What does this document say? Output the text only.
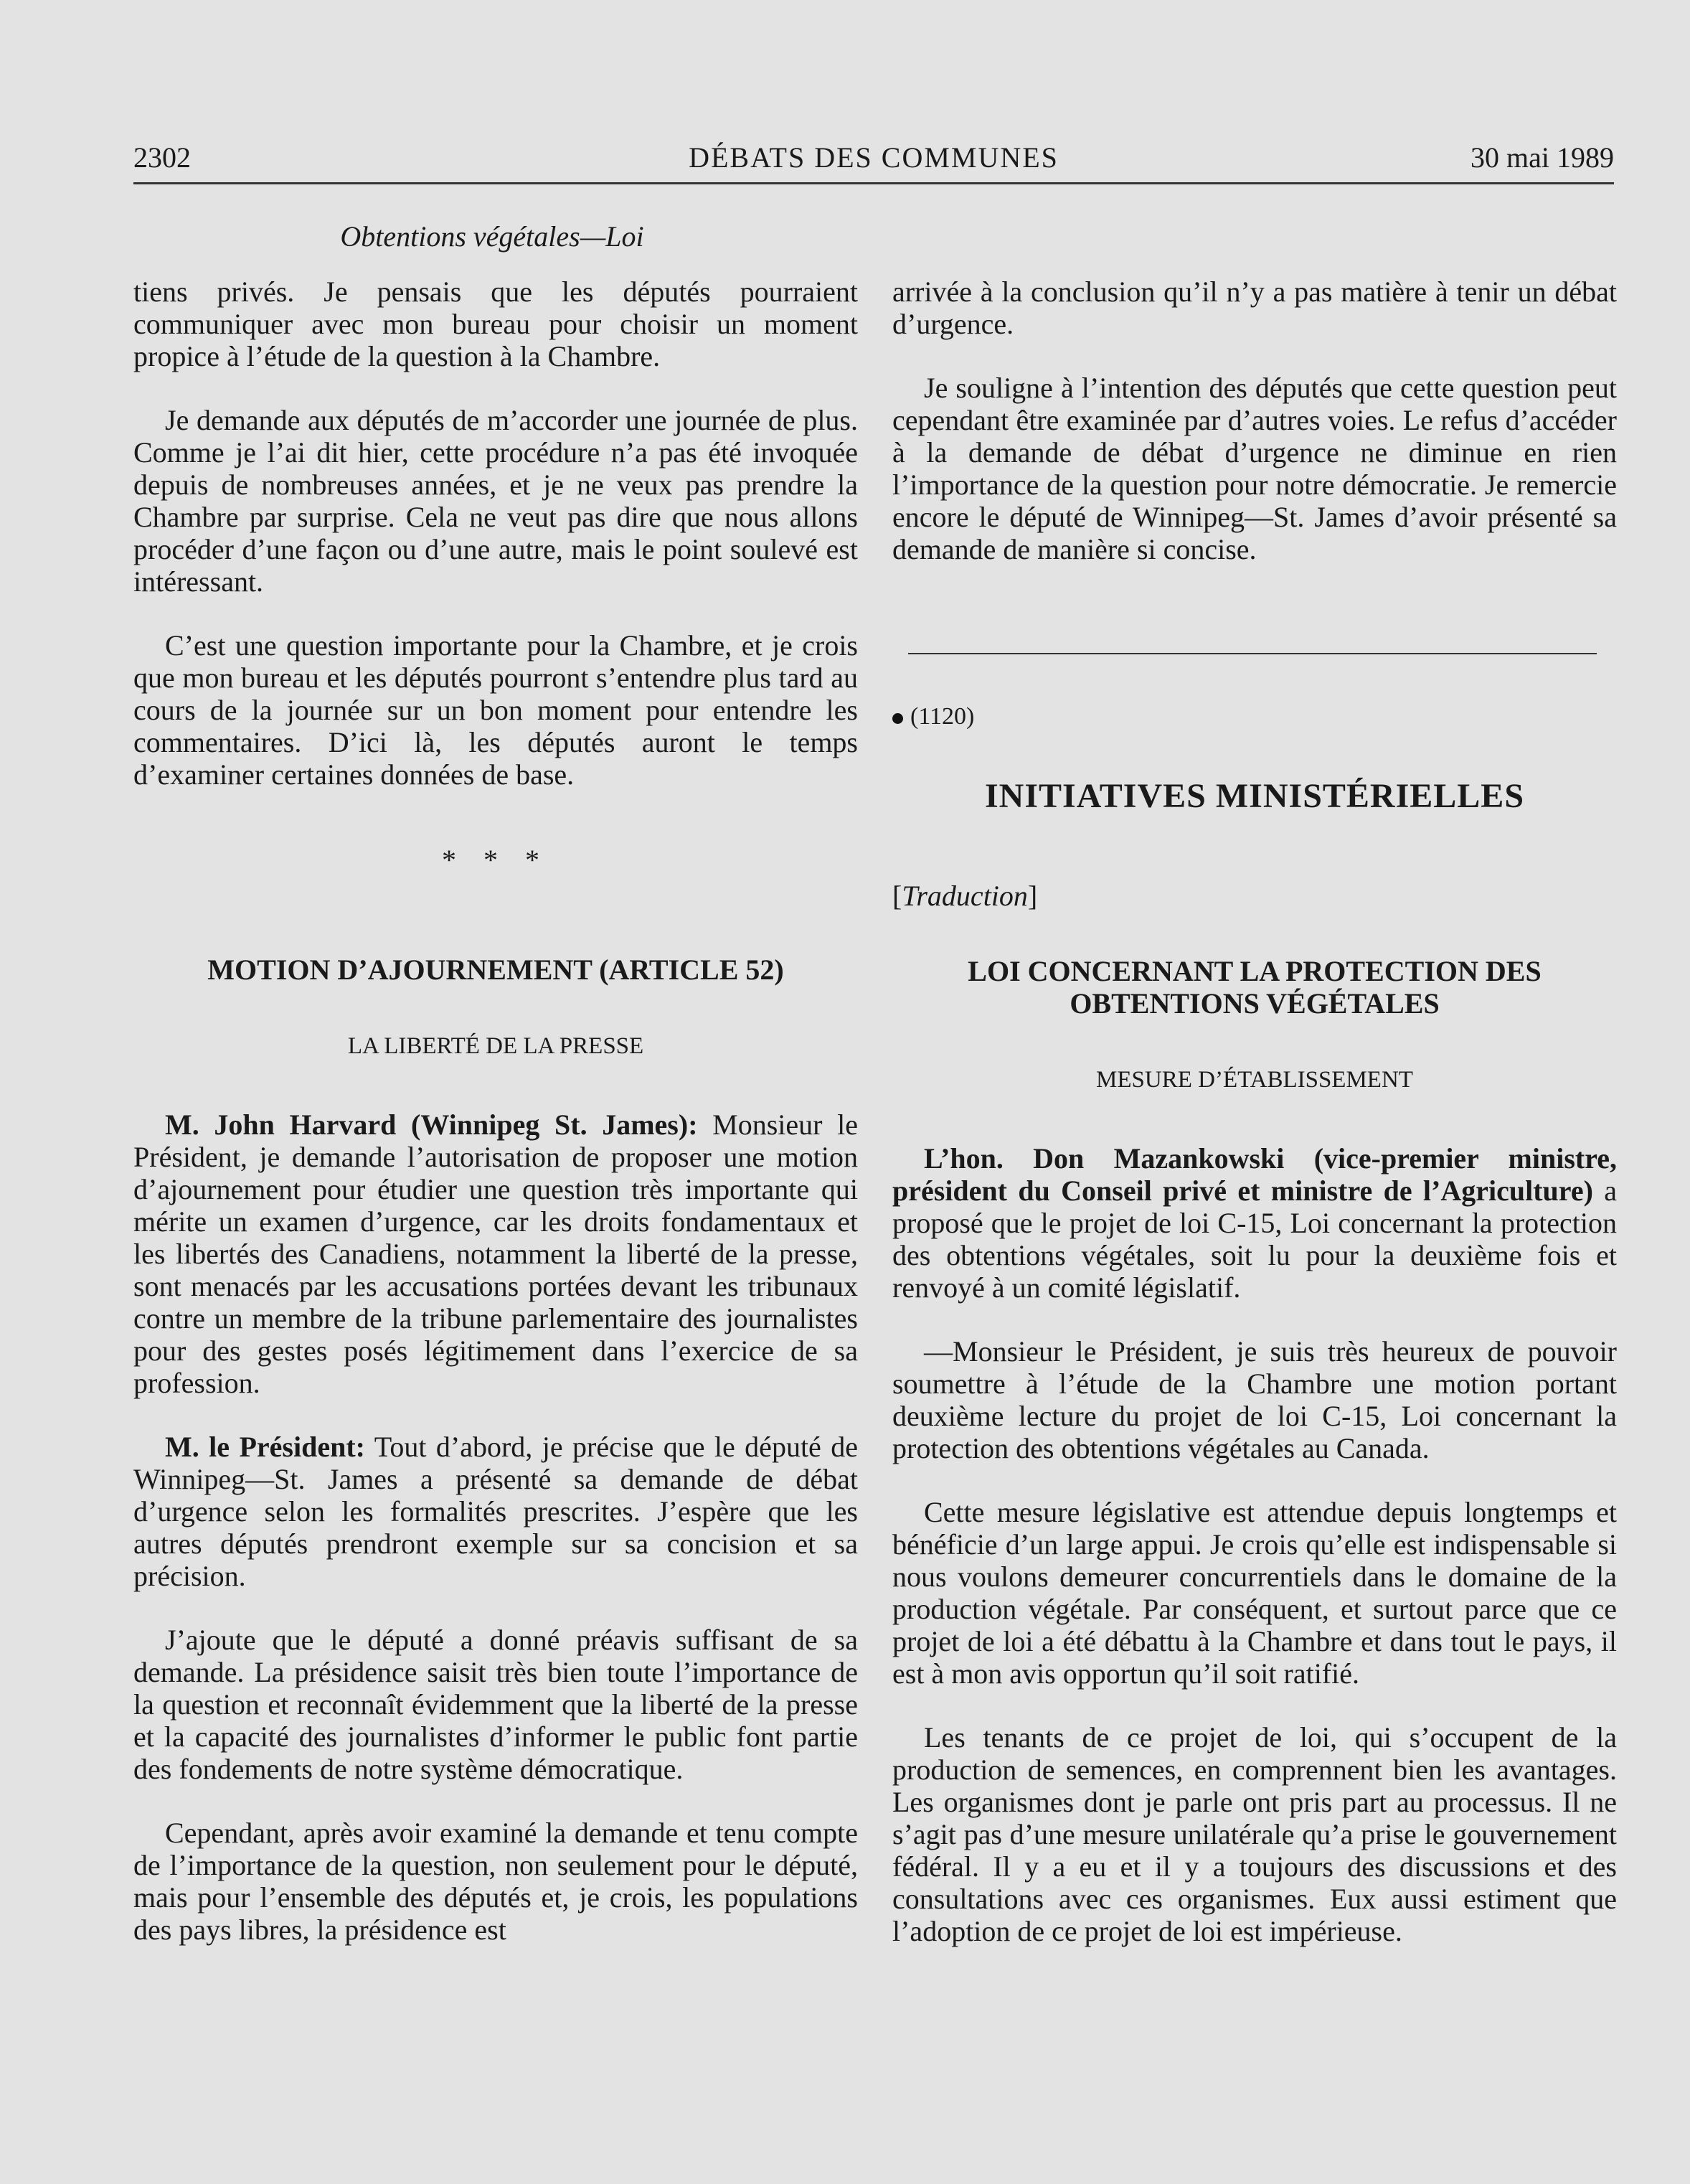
2302	DÉBATS DES COMMUNES	30 mai 1989
Obtentions végétales—Loi

tiens privés. Je pensais que les députés pourraient communiquer avec mon bureau pour choisir un moment propice à l’étude de la question à la Chambre.

Je demande aux députés de m’accorder une journée de plus. Comme je l’ai dit hier, cette procédure n’a pas été invoquée depuis de nombreuses années, et je ne veux pas prendre la Chambre par surprise. Cela ne veut pas dire que nous allons procéder d’une façon ou d’une autre, mais le point soulevé est intéressant.

C’est une question importante pour la Chambre, et je crois que mon bureau et les députés pourront s’entendre plus tard au cours de la journée sur un bon moment pour entendre les commentaires. D’ici là, les députés auront le temps d’examiner certaines données de base.

* * *
MOTION D’AJOURNEMENT (ARTICLE 52)
LA LIBERTÉ DE LA PRESSE

M. John Harvard (Winnipeg St. James): Monsieur le Président, je demande l’autorisation de proposer une motion d’ajournement pour étudier une question très importante qui mérite un examen d’urgence, car les droits fondamentaux et les libertés des Canadiens, notamment la liberté de la presse, sont menacés par les accusations portées devant les tribunaux contre un membre de la tribune parlementaire des journalistes pour des gestes posés légitimement dans l’exercice de sa profession.

M. le Président: Tout d’abord, je précise que le député de Winnipeg—St. James a présenté sa demande de débat d’urgence selon les formalités prescrites. J’espère que les autres députés prendront exemple sur sa concision et sa précision.

J’ajoute que le député a donné préavis suffisant de sa demande. La présidence saisit très bien toute l’importance de la question et reconnaît évidemment que la liberté de la presse et la capacité des journalistes d’informer le public font partie des fondements de notre système démocratique.

Cependant, après avoir examiné la demande et tenu compte de l’importance de la question, non seulement pour le député, mais pour l’ensemble des députés et, je crois, les populations des pays libres, la présidence est

arrivée à la conclusion qu’il n’y a pas matière à tenir un débat d’urgence.

Je souligne à l’intention des députés que cette question peut cependant être examinée par d’autres voies. Le refus d’accéder à la demande de débat d’urgence ne diminue en rien l’importance de la question pour notre démocratie. Je remercie encore le député de Winnipeg—St. James d’avoir présenté sa demande de manière si concise.

(1120)
INITIATIVES MINISTÉRIELLES
[Traduction]
LOI CONCERNANT LA PROTECTION DES OBTENTIONS VÉGÉTALES
MESURE D’ÉTABLISSEMENT

L’hon. Don Mazankowski (vice-premier ministre, président du Conseil privé et ministre de l’Agriculture) a proposé que le projet de loi C-15, Loi concernant la protection des obtentions végétales, soit lu pour la deuxième fois et renvoyé à un comité législatif.

—Monsieur le Président, je suis très heureux de pouvoir soumettre à l’étude de la Chambre une motion portant deuxième lecture du projet de loi C-15, Loi concernant la protection des obtentions végétales au Canada.

Cette mesure législative est attendue depuis longtemps et bénéficie d’un large appui. Je crois qu’elle est indispensable si nous voulons demeurer concurrentiels dans le domaine de la production végétale. Par conséquent, et surtout parce que ce projet de loi a été débattu à la Chambre et dans tout le pays, il est à mon avis opportun qu’il soit ratifié.

Les tenants de ce projet de loi, qui s’occupent de la production de semences, en comprennent bien les avantages. Les organismes dont je parle ont pris part au processus. Il ne s’agit pas d’une mesure unilatérale qu’a prise le gouvernement fédéral. Il y a eu et il y a toujours des discussions et des consultations avec ces organismes. Eux aussi estiment que l’adoption de ce projet de loi est impérieuse.
